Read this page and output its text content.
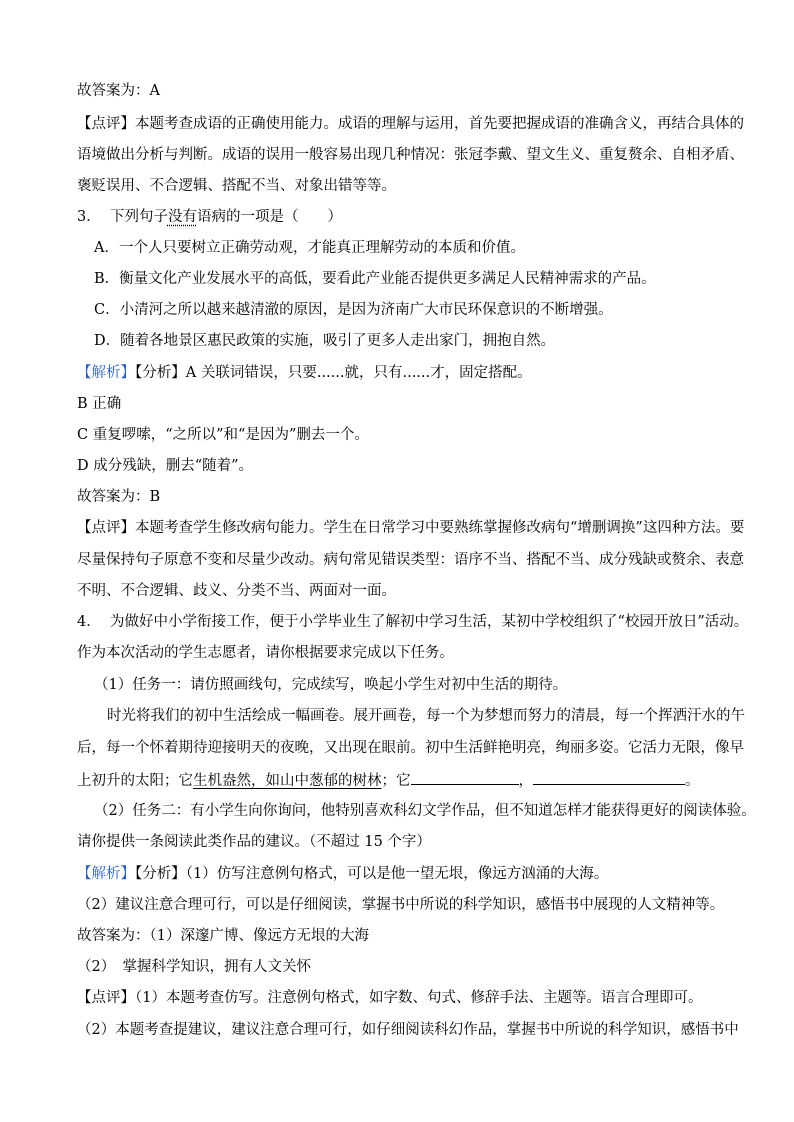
故答案为：A
【点评】本题考查成语的正确使用能力。成语的理解与运用，首先要把握成语的准确含义，再结合具体的
语境做出分析与判断。成语的误用一般容易出现几种情况：张冠李戴、望文生义、重复赘余、自相矛盾、
褒贬误用、不合逻辑、搭配不当、对象出错等等。
3． 下列句子没有语病的一项是（　　）
A．一个人只要树立正确劳动观，才能真正理解劳动的本质和价值。
B．衡量文化产业发展水平的高低，要看此产业能否提供更多满足人民精神需求的产品。
C．小清河之所以越来越清澈的原因，是因为济南广大市民环保意识的不断增强。
D．随着各地景区惠民政策的实施，吸引了更多人走出家门，拥抱自然。
【解析】【分析】A 关联词错误，只要......就，只有......才，固定搭配。
B 正确
C 重复啰嗦，“之所以”和“是因为”删去一个。
D 成分残缺，删去“随着”。
故答案为：B
【点评】本题考查学生修改病句能力。学生在日常学习中要熟练掌握修改病句“增删调换”这四种方法。要
尽量保持句子原意不变和尽量少改动。病句常见错误类型：语序不当、搭配不当、成分残缺或赘余、表意
不明、不合逻辑、歧义、分类不当、两面对一面。
4． 为做好中小学衔接工作，便于小学毕业生了解初中学习生活，某初中学校组织了“校园开放日”活动。
作为本次活动的学生志愿者，请你根据要求完成以下任务。
（1）任务一：请仿照画线句，完成续写，唤起小学生对初中生活的期待。
时光将我们的初中生活绘成一幅画卷。展开画卷，每一个为梦想而努力的清晨，每一个挥洒汗水的午
后，每一个怀着期待迎接明天的夜晚，又出现在眼前。初中生活鲜艳明亮，绚丽多姿。它活力无限，像早
上初升的太阳；它生机盎然，如山中葱郁的树林；它	，	。
（2）任务二：有小学生向你询问，他特别喜欢科幻文学作品，但不知道怎样才能获得更好的阅读体验。
请你提供一条阅读此类作品的建议。（不超过 15 个字）
【解析】【分析】（1）仿写注意例句格式，可以是他一望无垠，像远方汹涌的大海。
（2）建议注意合理可行，可以是仔细阅读，掌握书中所说的科学知识，感悟书中展现的人文精神等。
故答案为：（1）深邃广博、像远方无垠的大海
（2）　掌握科学知识，拥有人文关怀
【点评】（1）本题考查仿写。注意例句格式，如字数、句式、修辞手法、主题等。语言合理即可。
（2）本题考查提建议，建议注意合理可行，如仔细阅读科幻作品，掌握书中所说的科学知识，感悟书中
